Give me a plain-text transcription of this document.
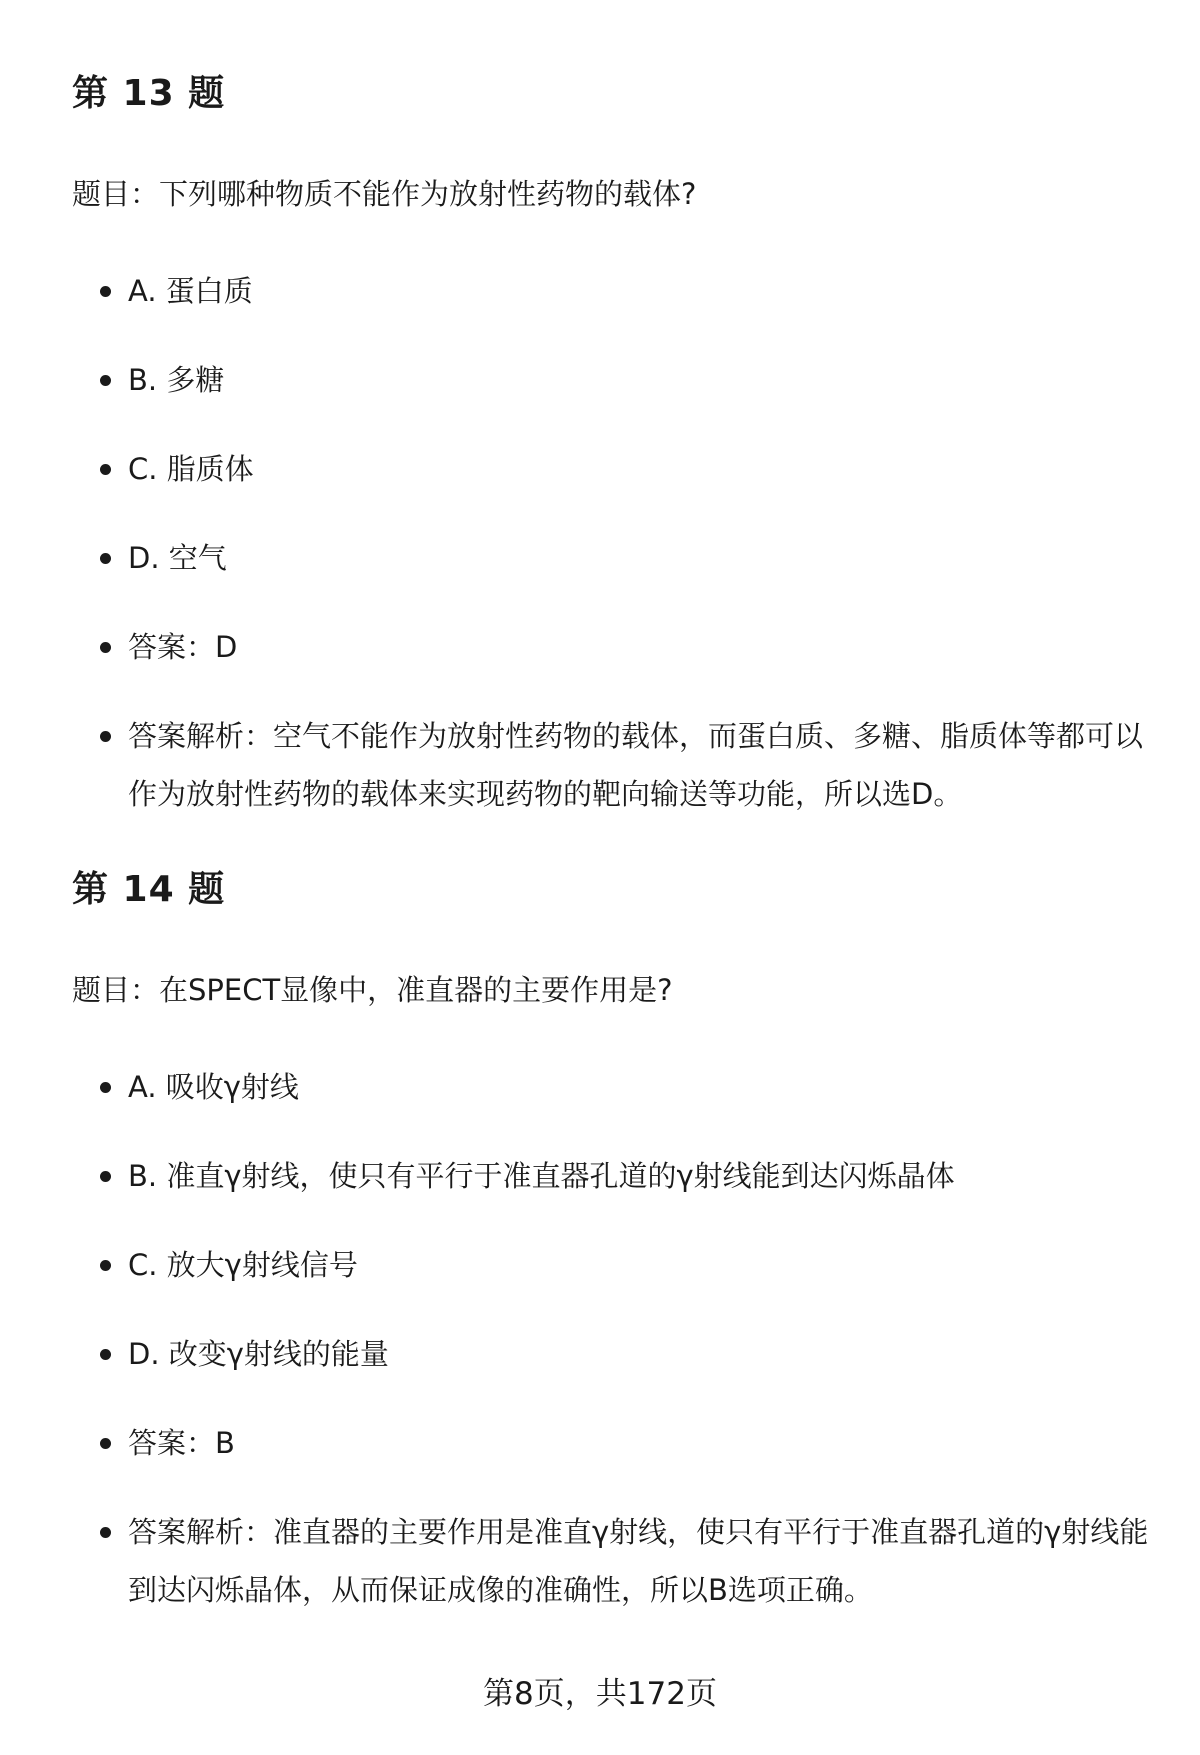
第 13 题

题目：下列哪种物质不能作为放射性药物的载体?

A. 蛋白质
B. 多糖
C. 脂质体
D. 空气
答案：D
答案解析：空气不能作为放射性药物的载体，而蛋白质、多糖、脂质体等都可以作为放射性药物的载体来实现药物的靶向输送等功能，所以选D。
第 14 题

题目：在SPECT显像中，准直器的主要作用是?

A. 吸收γ射线
B. 准直γ射线，使只有平行于准直器孔道的γ射线能到达闪烁晶体
C. 放大γ射线信号
D. 改变γ射线的能量
答案：B
答案解析：准直器的主要作用是准直γ射线，使只有平行于准直器孔道的γ射线能到达闪烁晶体，从而保证成像的准确性，所以B选项正确。
第8页，共172页
